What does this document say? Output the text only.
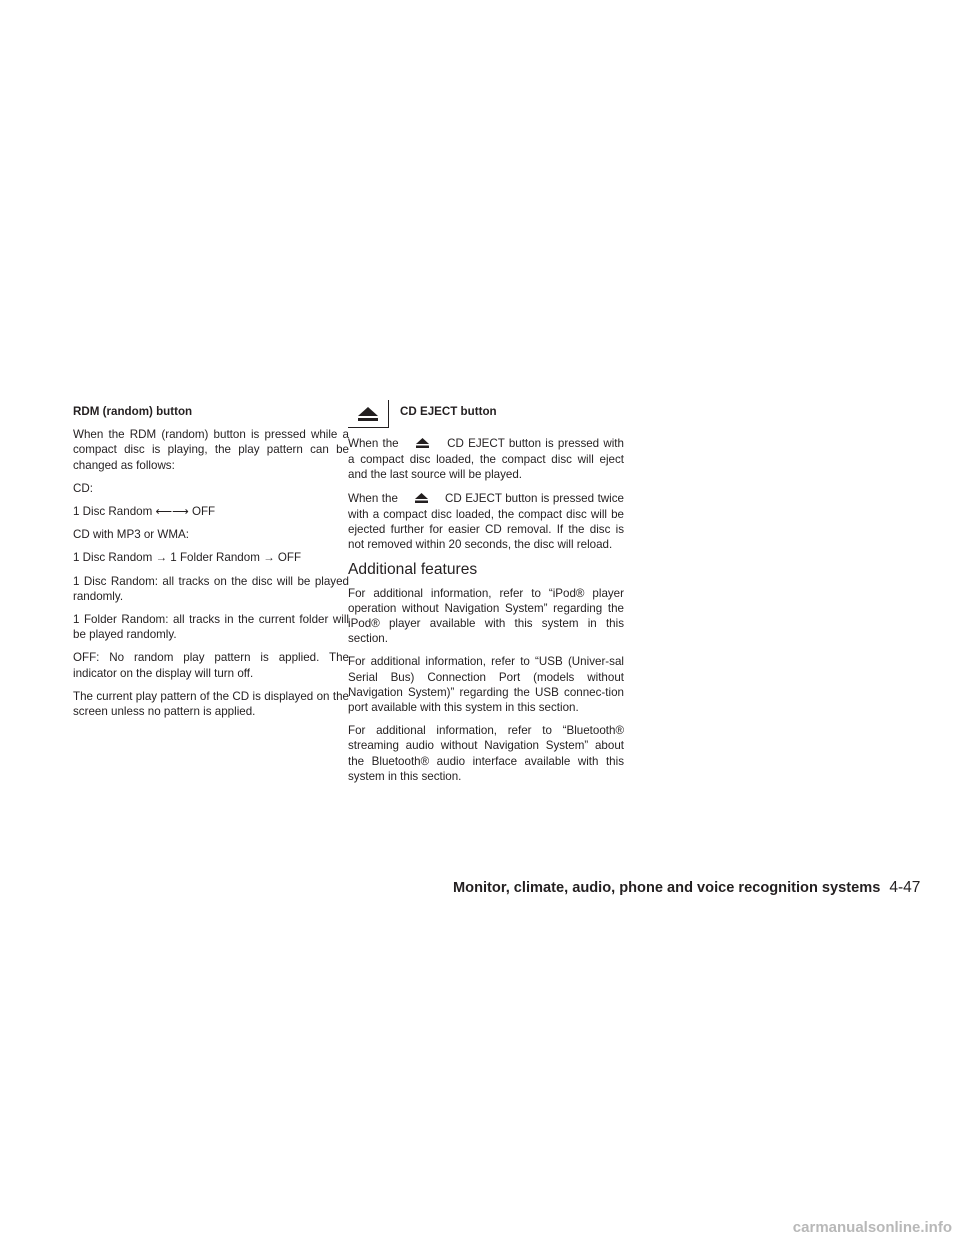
RDM (random) button

When the RDM (random) button is pressed while a compact disc is playing, the play pattern can be changed as follows:

CD:

1 Disc Random ⟵⟶ OFF

CD with MP3 or WMA:

1 Disc Random → 1 Folder Random → OFF

1 Disc Random: all tracks on the disc will be played randomly.

1 Folder Random: all tracks in the current folder will be played randomly.

OFF: No random play pattern is applied. The indicator on the display will turn off.

The current play pattern of the CD is displayed on the screen unless no pattern is applied.

CD EJECT button

When the	CD EJECT button is pressed with a compact disc loaded, the compact disc will eject and the last source will be played.

When the	CD EJECT button is pressed twice with a compact disc loaded, the compact disc will be ejected further for easier CD removal. If the disc is not removed within 20 seconds, the disc will reload.

Additional features

For additional information, refer to “iPod® player operation without Navigation System” regarding the iPod® player available with this system in this section.

For additional information, refer to “USB (Univer-sal Serial Bus) Connection Port (models without Navigation System)” regarding the USB connec-tion port available with this system in this section.

For additional information, refer to “Bluetooth® streaming audio without Navigation System” about the Bluetooth® audio interface available with this system in this section.

Monitor, climate, audio, phone and voice recognition systems 4-47
carmanualsonline.info
